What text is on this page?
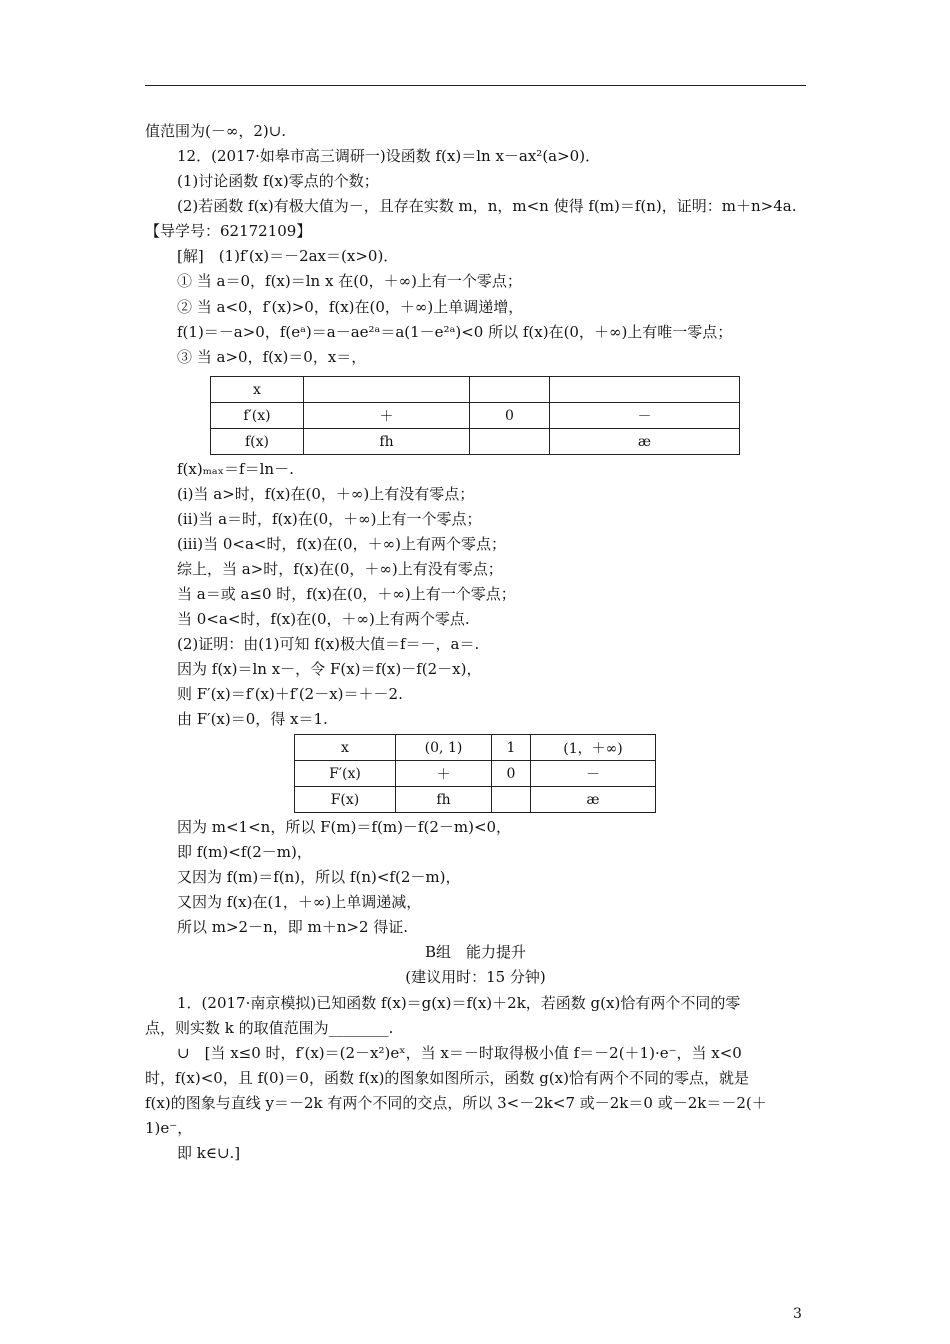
值范围为(－∞，2)∪.
12．(2017·如皋市高三调研一)设函数 f(x)＝ln x－ax²(a>0)．
(1)讨论函数 f(x)零点的个数；
(2)若函数 f(x)有极大值为－，且存在实数 m，n，m<n 使得 f(m)＝f(n)，证明：m＋n>4a.
【导学号：62172109】
[解]　(1)f′(x)＝－2ax＝(x>0)．
① 当 a＝0，f(x)＝ln x 在(0，＋∞)上有一个零点；
② 当 a<0，f′(x)>0，f(x)在(0，＋∞)上单调递增，
f(1)＝－a>0，f(eᵃ)＝a－ae²ᵃ＝a(1－e²ᵃ)<0 所以 f(x)在(0，＋∞)上有唯一零点；
③ 当 a>0，f(x)＝0，x＝，
x			
f′(x)	＋	0	－
f(x)	fh		æ
f(x)ₘₐₓ＝f＝ln－.
(ⅰ)当 a>时，f(x)在(0，＋∞)上有没有零点；
(ⅱ)当 a＝时，f(x)在(0，＋∞)上有一个零点；
(ⅲ)当 0<a<时，f(x)在(0，＋∞)上有两个零点；
综上，当 a>时，f(x)在(0，＋∞)上有没有零点；
当 a＝或 a≤0 时，f(x)在(0，＋∞)上有一个零点；
当 0<a<时，f(x)在(0，＋∞)上有两个零点.
(2)证明：由(1)可知 f(x)极大值＝f＝－，a＝.
因为 f(x)＝ln x－，令 F(x)＝f(x)－f(2－x)，
则 F′(x)＝f′(x)＋f′(2－x)＝＋－2.
由 F′(x)＝0，得 x＝1.
x	(0, 1)	1	(1，＋∞)
F′(x)	＋	0	－
F(x)	fh		æ
因为 m<1<n，所以 F(m)＝f(m)－f(2－m)<0，
即 f(m)<f(2－m)，
又因为 f(m)＝f(n)，所以 f(n)<f(2－m)，
又因为 f(x)在(1，＋∞)上单调递减，
所以 m>2－n，即 m＋n>2 得证.
B组　能力提升
(建议用时：15 分钟)
1．(2017·南京模拟)已知函数 f(x)＝g(x)＝f(x)＋2k，若函数 g(x)恰有两个不同的零
点，则实数 k 的取值范围为________.
∪　[当 x≤0 时，f′(x)＝(2－x²)eˣ，当 x＝－时取得极小值 f＝－2(＋1)·e⁻，当 x<0
时，f(x)<0，且 f(0)＝0，函数 f(x)的图象如图所示，函数 g(x)恰有两个不同的零点，就是
f(x)的图象与直线 y＝－2k 有两个不同的交点，所以 3<－2k<7 或－2k＝0 或－2k＝－2(＋
1)e⁻，
即 k∈∪.]
3
